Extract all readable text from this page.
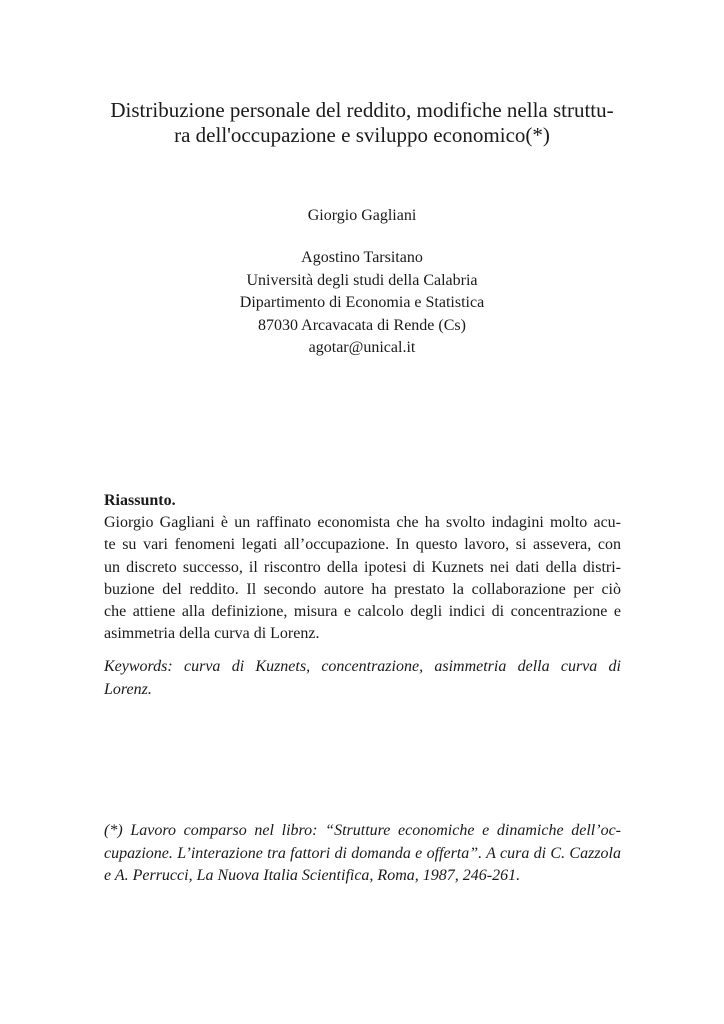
Distribuzione personale del reddito, modifiche nella struttu-
ra dell'occupazione e sviluppo economico(*)
Giorgio Gagliani
Agostino Tarsitano
Università degli studi della Calabria
Dipartimento di Economia e Statistica
87030 Arcavacata di Rende (Cs)
agotar@unical.it
Riassunto.
Giorgio Gagliani è un raffinato economista che ha svolto indagini molto acu-
te su vari fenomeni legati all’occupazione. In questo lavoro, si assevera, con
un discreto successo, il riscontro della ipotesi di Kuznets nei dati della distri-
buzione del reddito. Il secondo autore ha prestato la collaborazione per ciò
che attiene alla definizione, misura e calcolo degli indici di concentrazione e
asimmetria della curva di Lorenz.
Keywords: curva di Kuznets, concentrazione, asimmetria della curva di
Lorenz.
(*) Lavoro comparso nel libro: “Strutture economiche e dinamiche dell’oc-
cupazione. L’interazione tra fattori di domanda e offerta”. A cura di C. Cazzola
e A. Perrucci, La Nuova Italia Scientifica, Roma, 1987, 246-261.
